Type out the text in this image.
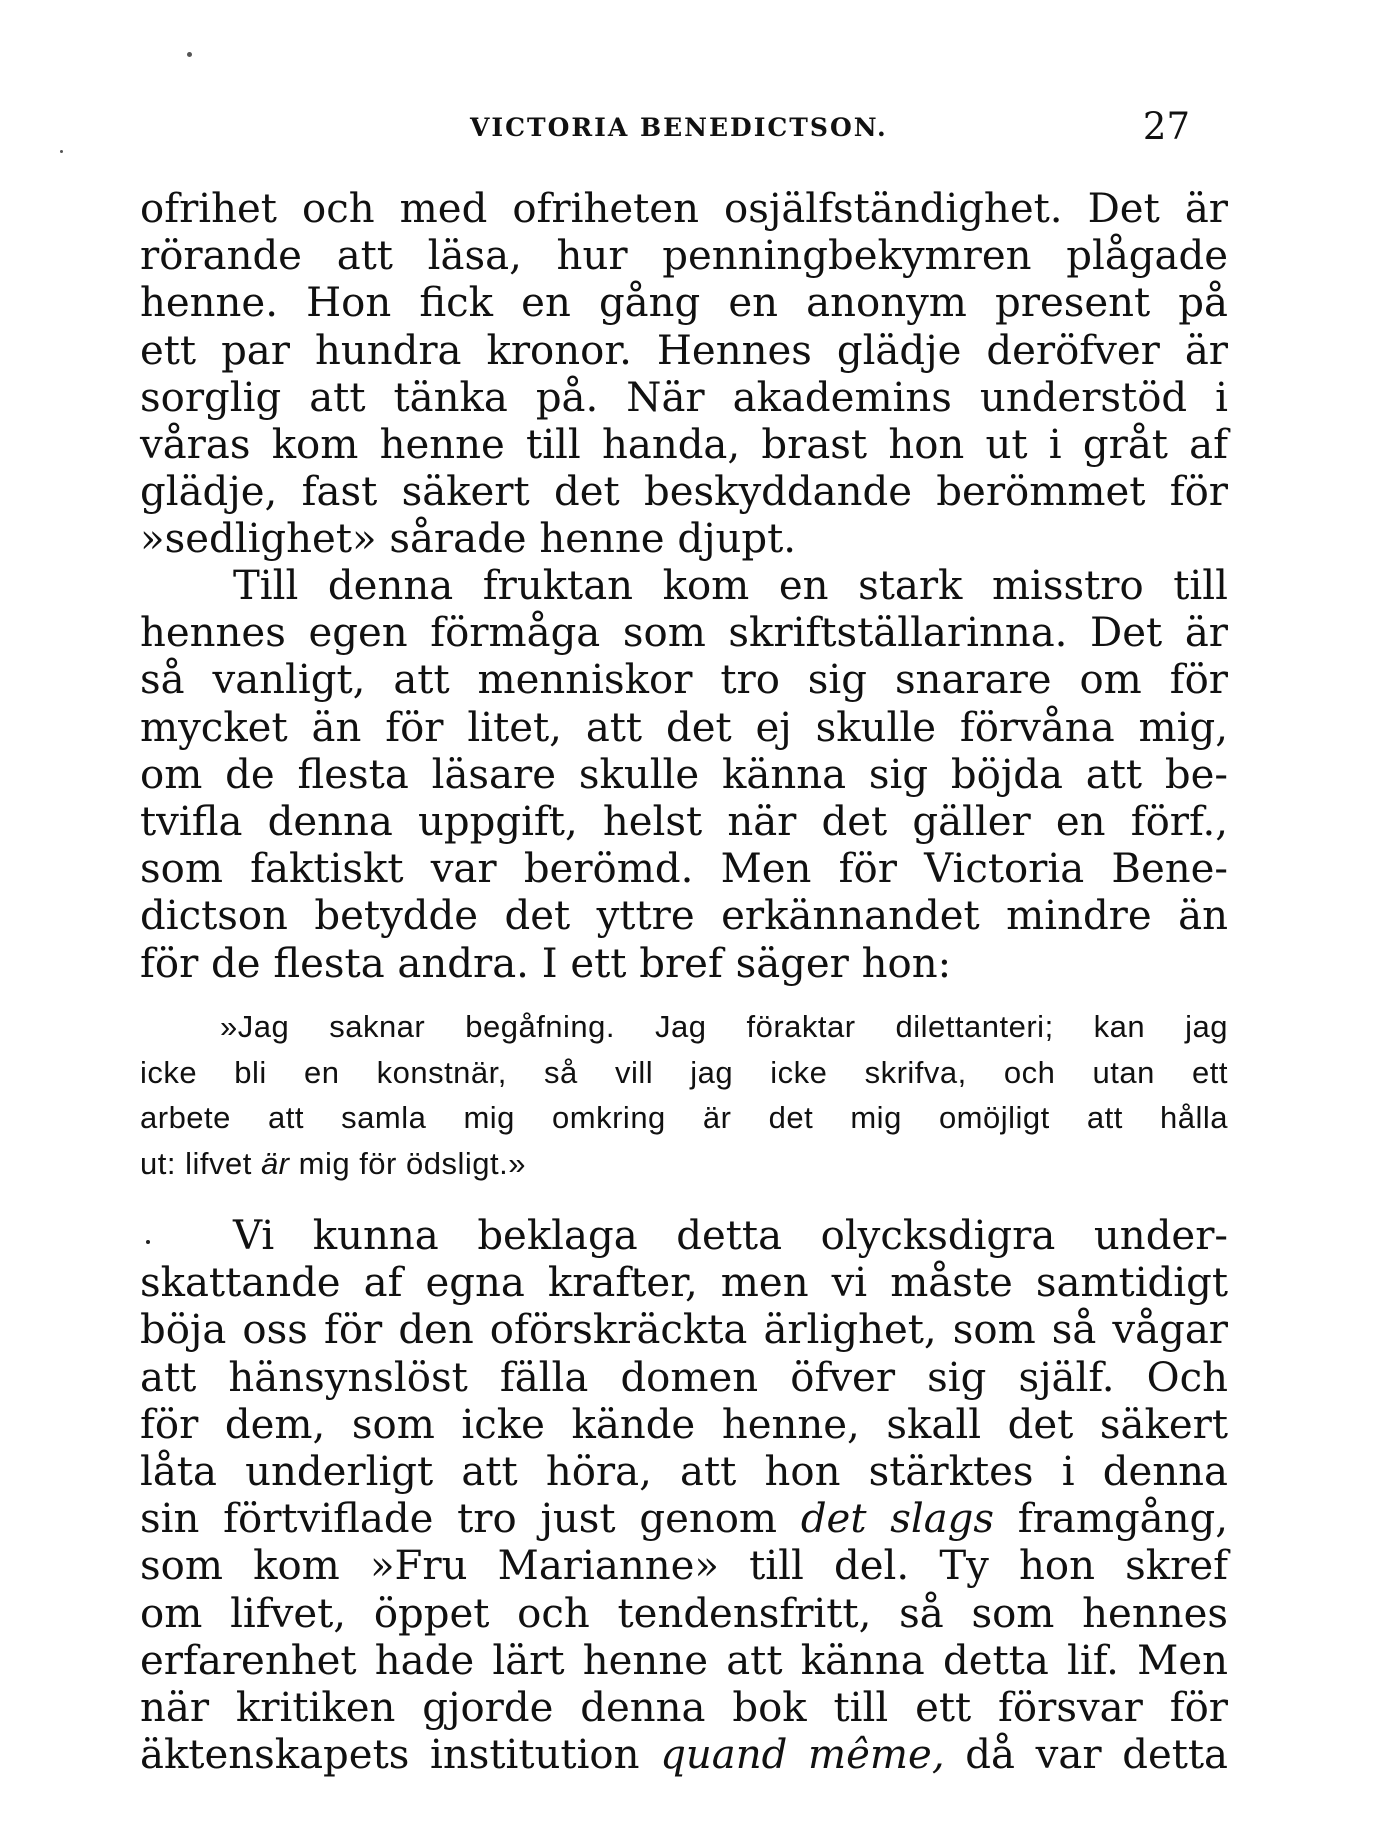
VICTORIA BENEDICTSON.	27
ofrihet och med ofriheten osjälfständighet. Det är
rörande att läsa, hur penningbekymren plågade
henne. Hon fick en gång en anonym present på
ett par hundra kronor. Hennes glädje deröfver är
sorglig att tänka på. När akademins understöd i
våras kom henne till handa, brast hon ut i gråt af
glädje, fast säkert det beskyddande berömmet för
»sedlighet» sårade henne djupt.
Till denna fruktan kom en stark misstro till
hennes egen förmåga som skriftställarinna. Det är
så vanligt, att menniskor tro sig snarare om för
mycket än för litet, att det ej skulle förvåna mig,
om de flesta läsare skulle känna sig böjda att be-
tvifla denna uppgift, helst när det gäller en förf.,
som faktiskt var berömd. Men för Victoria Bene-
dictson betydde det yttre erkännandet mindre än
för de flesta andra. I ett bref säger hon:
»Jag saknar begåfning. Jag föraktar dilettanteri; kan jag
icke bli en konstnär, så vill jag icke skrifva, och utan ett
arbete att samla mig omkring är det mig omöjligt att hålla
ut: lifvet är mig för ödsligt.»
Vi kunna beklaga detta olycksdigra under-
skattande af egna krafter, men vi måste samtidigt
böja oss för den oförskräckta ärlighet, som så vågar
att hänsynslöst fälla domen öfver sig själf. Och
för dem, som icke kände henne, skall det säkert
låta underligt att höra, att hon stärktes i denna
sin förtviflade tro just genom det slags framgång,
som kom »Fru Marianne» till del. Ty hon skref
om lifvet, öppet och tendensfritt, så som hennes
erfarenhet hade lärt henne att känna detta lif. Men
när kritiken gjorde denna bok till ett försvar för
äktenskapets institution quand même, då var detta
